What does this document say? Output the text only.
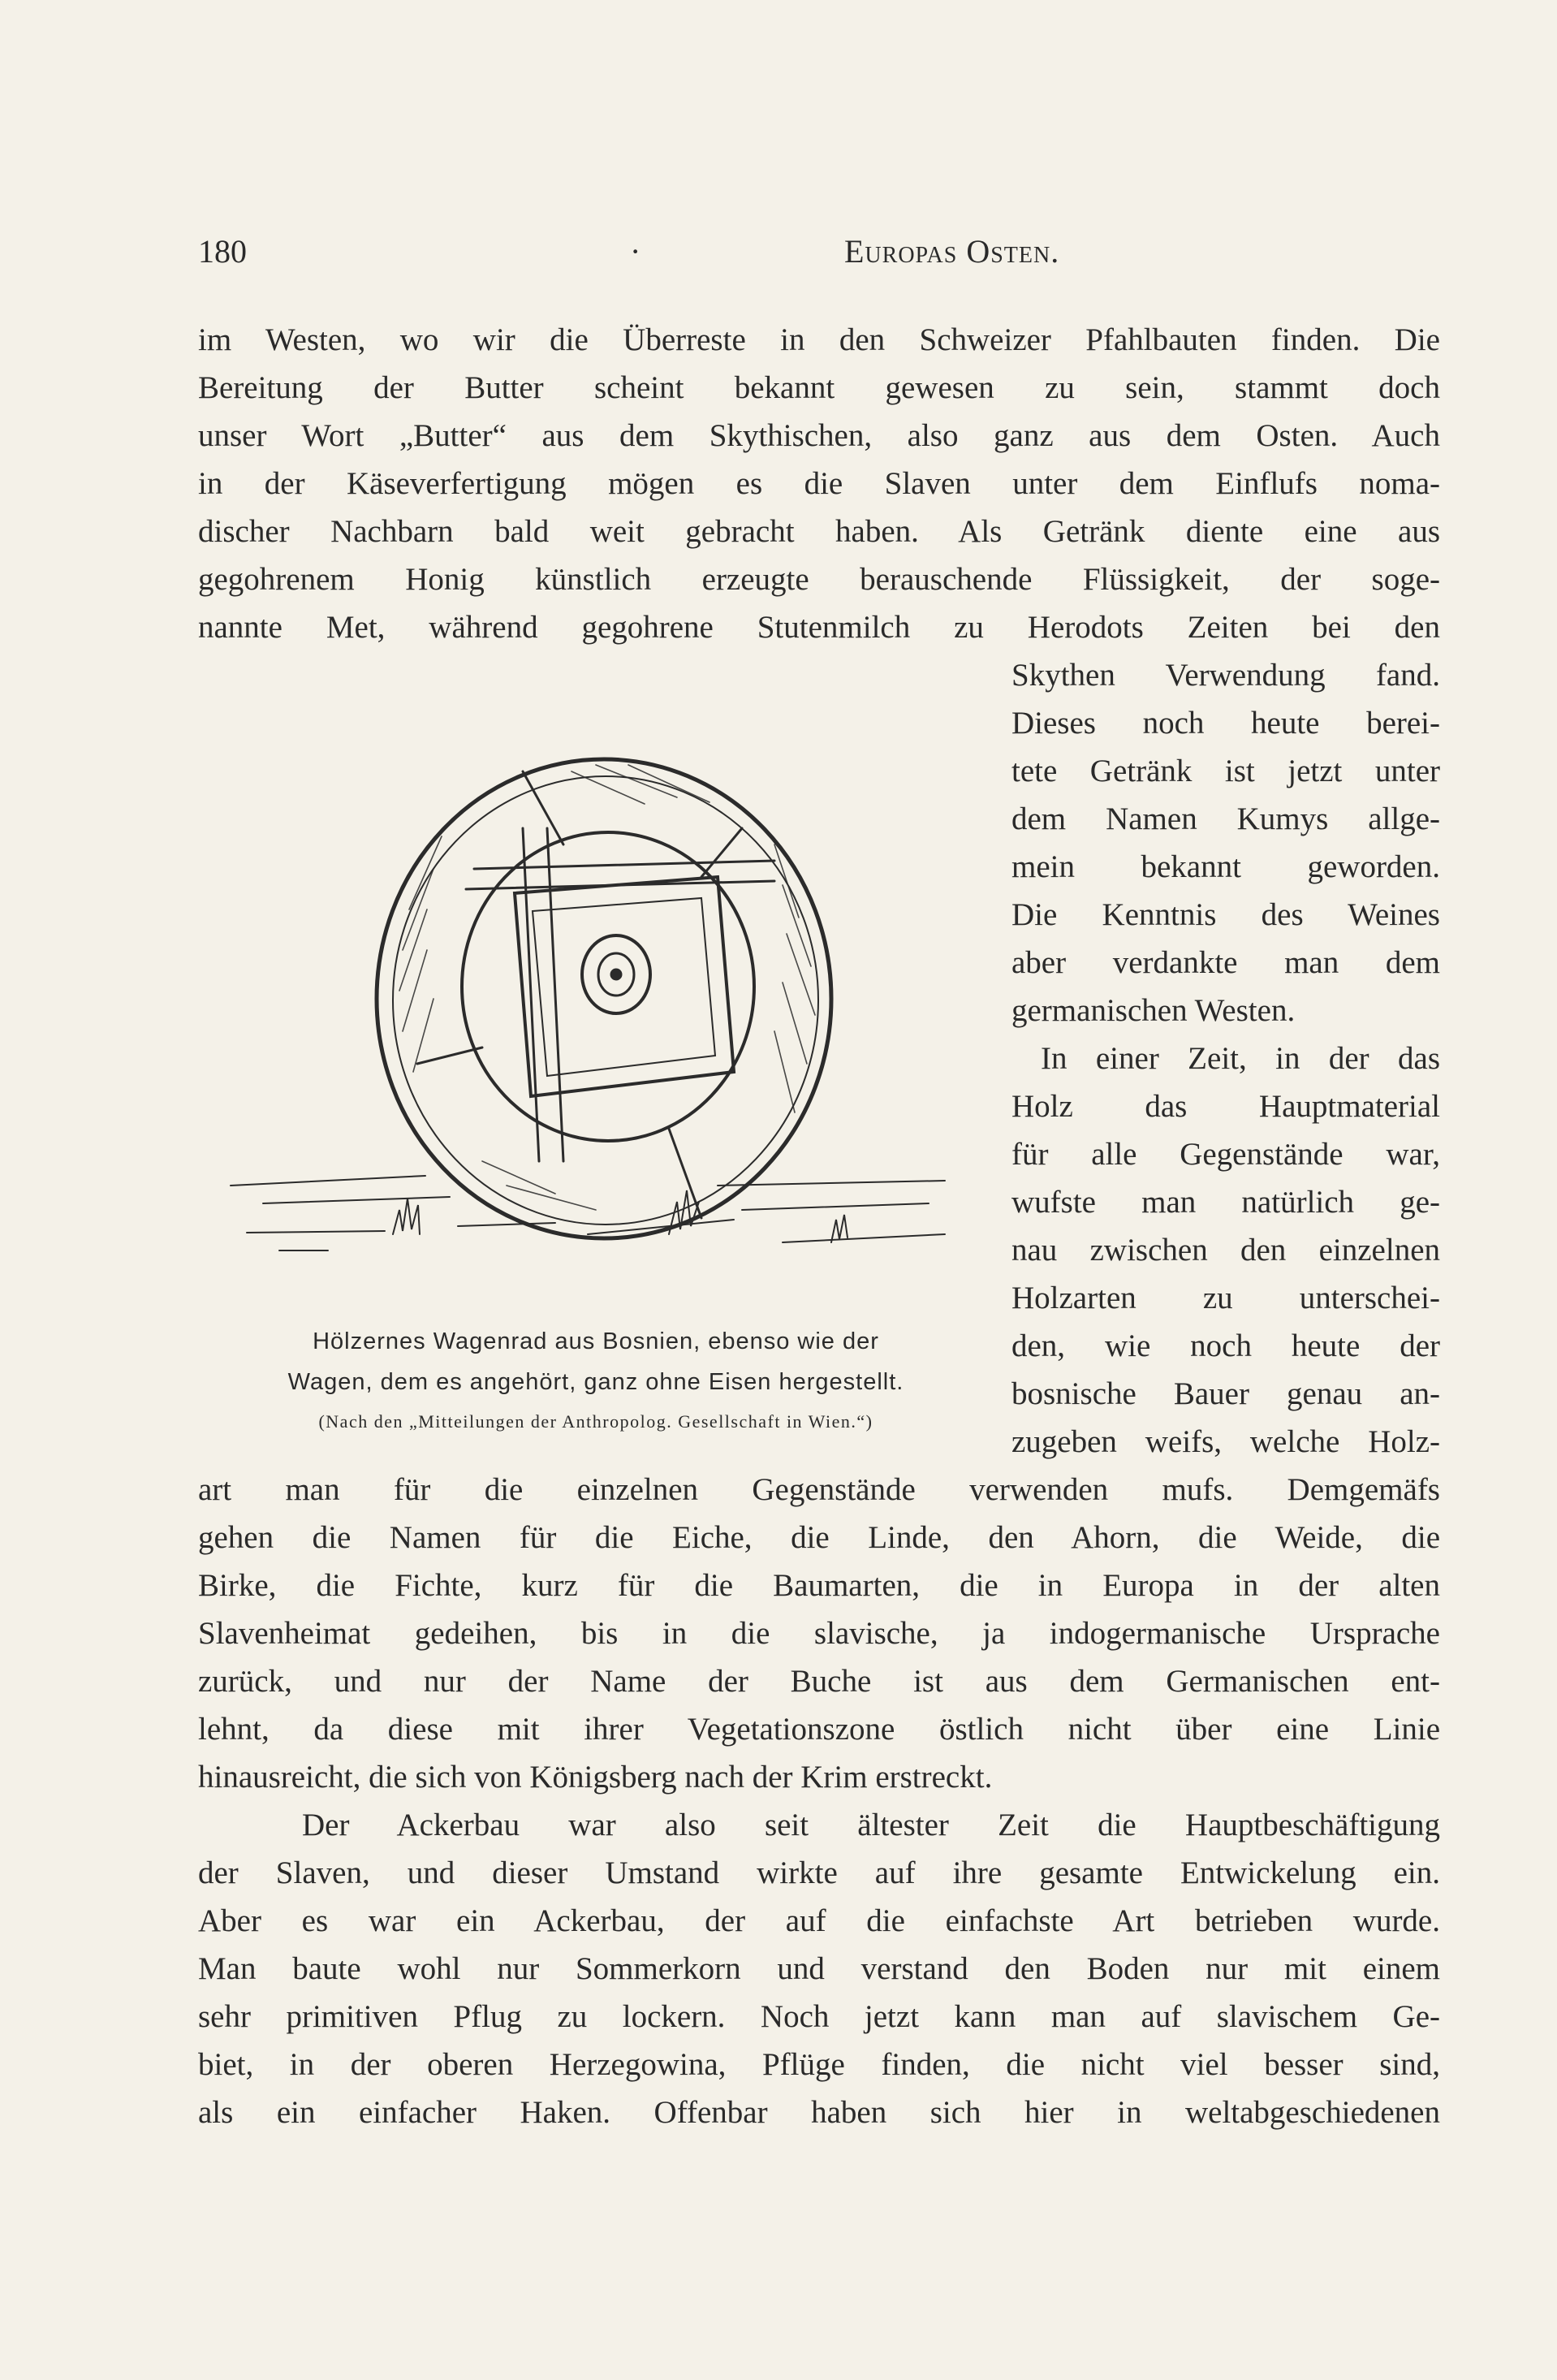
180	·	Europas Osten.
im Westen, wo wir die Überreste in den Schweizer Pfahlbauten finden. Die
Bereitung der Butter scheint bekannt gewesen zu sein, stammt doch
unser Wort „Butter“ aus dem Skythischen, also ganz aus dem Osten. Auch
in der Käseverfertigung mögen es die Slaven unter dem Einflufs noma-
discher Nachbarn bald weit gebracht haben. Als Getränk diente eine aus
gegohrenem Honig künstlich erzeugte berauschende Flüssigkeit, der soge-
nannte Met, während gegohrene Stutenmilch zu Herodots Zeiten bei den
Skythen Verwendung fand.
Dieses noch heute berei-
tete Getränk ist jetzt unter
dem Namen Kumys allge-
mein bekannt geworden.
Die Kenntnis des Weines
aber verdankte man dem
germanischen Westen.
In einer Zeit, in der das
Holz das Hauptmaterial
für alle Gegenstände war,
wufste man natürlich ge-
nau zwischen den einzelnen
Holzarten zu unterschei-
den, wie noch heute der
bosnische Bauer genau an-
zugeben weifs, welche Holz-
Hölzernes Wagenrad aus Bosnien, ebenso wie der
Wagen, dem es angehört, ganz ohne Eisen hergestellt.
(Nach den „Mitteilungen der Anthropolog. Gesellschaft in Wien.“)
art man für die einzelnen Gegenstände verwenden mufs. Demgemäfs
gehen die Namen für die Eiche, die Linde, den Ahorn, die Weide, die
Birke, die Fichte, kurz für die Baumarten, die in Europa in der alten
Slavenheimat gedeihen, bis in die slavische, ja indogermanische Ursprache
zurück, und nur der Name der Buche ist aus dem Germanischen ent-
lehnt, da diese mit ihrer Vegetationszone östlich nicht über eine Linie
hinausreicht, die sich von Königsberg nach der Krim erstreckt.
Der Ackerbau war also seit ältester Zeit die Hauptbeschäftigung
der Slaven, und dieser Umstand wirkte auf ihre gesamte Entwickelung ein.
Aber es war ein Ackerbau, der auf die einfachste Art betrieben wurde.
Man baute wohl nur Sommerkorn und verstand den Boden nur mit einem
sehr primitiven Pflug zu lockern. Noch jetzt kann man auf slavischem Ge-
biet, in der oberen Herzegowina, Pflüge finden, die nicht viel besser sind,
als ein einfacher Haken. Offenbar haben sich hier in weltabgeschiedenen
